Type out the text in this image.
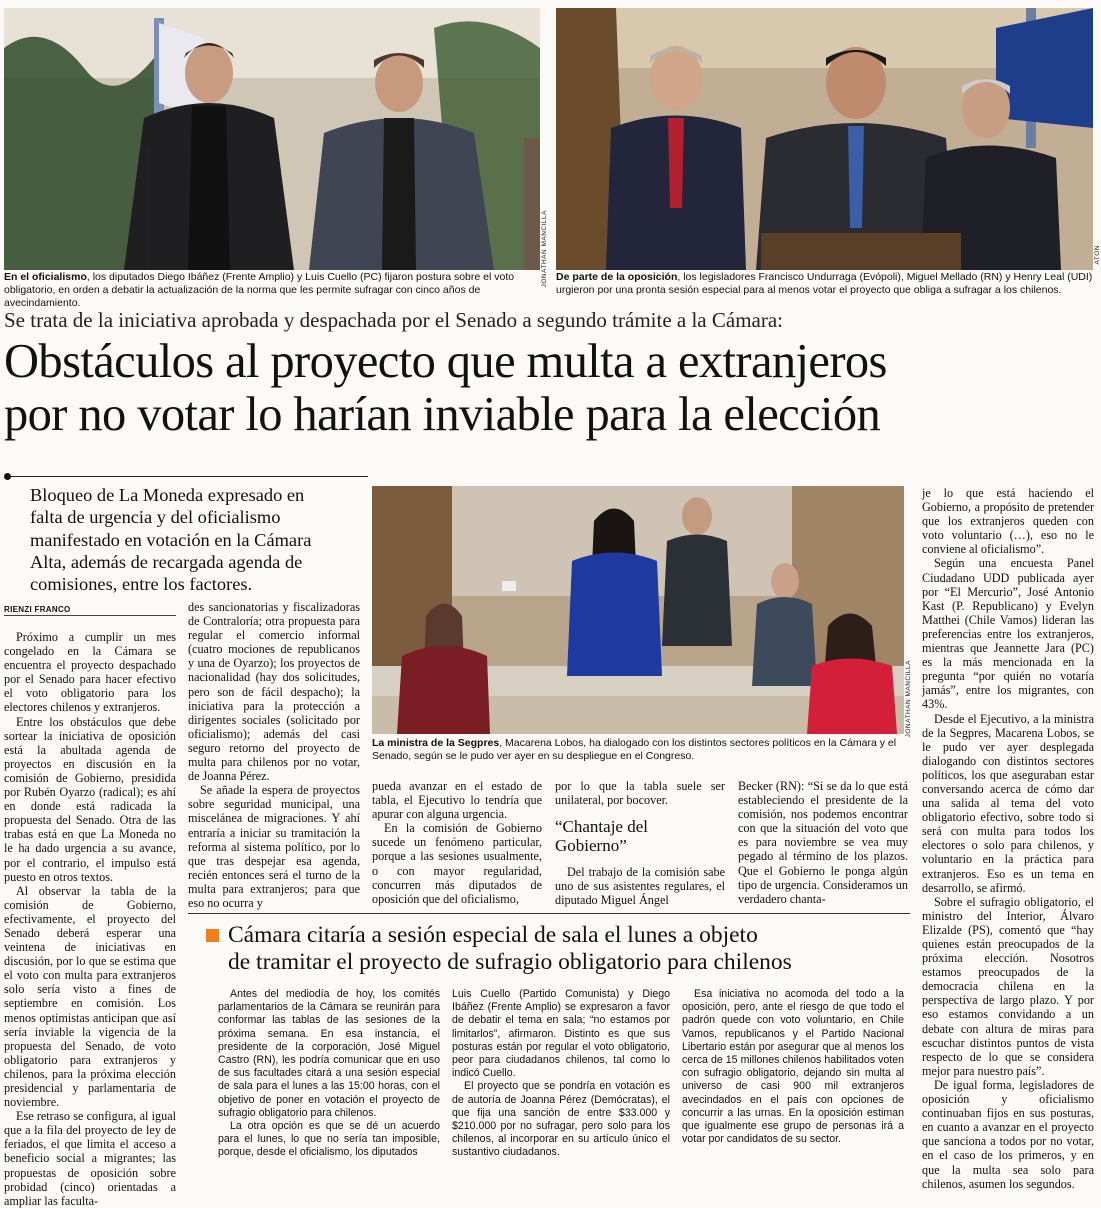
JONATHAN MANCILLA
En el oficialismo, los diputados Diego Ibáñez (Frente Amplio) y Luis Cuello (PC) fijaron postura sobre el voto obligatorio, en orden a debatir la actualización de la norma que les permite sufragar con cinco años de avecindamiento.
ATON
De parte de la oposición, los legisladores Francisco Undurraga (Evópoli), Miguel Mellado (RN) y Henry Leal (UDI) urgieron por una pronta sesión especial para al menos votar el proyecto que obliga a sufragar a los chilenos.
Se trata de la iniciativa aprobada y despachada por el Senado a segundo trámite a la Cámara:
Obstáculos al proyecto que multa a extranjeros
por no votar lo harían inviable para la elección
Bloqueo de La Moneda expresado en falta de urgencia y del oficialismo manifestado en votación en la Cámara Alta, además de recargada agenda de comisiones, entre los factores.
RIENZI FRANCO
JONATHAN MANCILLA
La ministra de la Segpres, Macarena Lobos, ha dialogado con los distintos sectores políticos en la Cámara y el Senado, según se le pudo ver ayer en su despliegue en el Congreso.

Próximo a cumplir un mes congelado en la Cámara se encuentra el proyecto despachado por el Senado para hacer efectivo el voto obligatorio para los electores chilenos y extranjeros.

Entre los obstáculos que debe sortear la iniciativa de oposición está la abultada agenda de proyectos en discusión en la comisión de Gobierno, presidida por Rubén Oyarzo (radical); es ahí en donde está radicada la propuesta del Senado. Otra de las trabas está en que La Moneda no le ha dado urgencia a su avance, por el contrario, el impulso está puesto en otros textos.

Al observar la tabla de la comisión de Gobierno, efectivamente, el proyecto del Senado deberá esperar una veintena de iniciativas en discusión, por lo que se estima que el voto con multa para extranjeros solo sería visto a fines de septiembre en comisión. Los menos optimistas anticipan que así sería inviable la vigencia de la propuesta del Senado, de voto obligatorio para extranjeros y chilenos, para la próxima elección presidencial y parlamentaria de noviembre.

Ese retraso se configura, al igual que a la fila del proyecto de ley de feriados, el que limita el acceso a beneficio social a migrantes; las propuestas de oposición sobre probidad (cinco) orientadas a ampliar las faculta-

des sancionatorias y fiscalizadoras de Contraloría; otra propuesta para regular el comercio informal (cuatro mociones de republicanos y una de Oyarzo); los proyectos de nacionalidad (hay dos solicitudes, pero son de fácil despacho); la iniciativa para la protección a dirigentes sociales (solicitado por oficialismo); además del casi seguro retorno del proyecto de multa para chilenos por no votar, de Joanna Pérez.

Se añade la espera de proyectos sobre seguridad municipal, una miscelánea de migraciones. Y ahí entraría a iniciar su tramitación la reforma al sistema político, por lo que tras despejar esa agenda, recién entonces será el turno de la multa para extranjeros; para que eso no ocurra y

pueda avanzar en el estado de tabla, el Ejecutivo lo tendría que apurar con alguna urgencia.

En la comisión de Gobierno sucede un fenómeno particular, porque a las sesiones usualmente, o con mayor regularidad, concurren más diputados de oposición que del oficialismo,

por lo que la tabla suele ser unilateral, por bocover.

“Chantaje del Gobierno”

Del trabajo de la comisión sabe uno de sus asistentes regulares, el diputado Miguel Ángel

Becker (RN): “Si se da lo que está estableciendo el presidente de la comisión, nos podemos encontrar con que la situación del voto que es para noviembre se vea muy pegado al término de los plazos. Que el Gobierno le ponga algún tipo de urgencia. Consideramos un verdadero chanta-

je lo que está haciendo el Gobierno, a propósito de pretender que los extranjeros queden con voto voluntario (…), eso no le conviene al oficialismo”.

Según una encuesta Panel Ciudadano UDD publicada ayer por “El Mercurio”, José Antonio Kast (P. Republicano) y Evelyn Matthei (Chile Vamos) lideran las preferencias entre los extranjeros, mientras que Jeannette Jara (PC) es la más mencionada en la pregunta “por quién no votaría jamás”, entre los migrantes, con 43%.

Desde el Ejecutivo, a la ministra de la Segpres, Macarena Lobos, se le pudo ver ayer desplegada dialogando con distintos sectores políticos, los que aseguraban estar conversando acerca de cómo dar una salida al tema del voto obligatorio efectivo, sobre todo si será con multa para todos los electores o solo para chilenos, y voluntario en la práctica para extranjeros. Eso es un tema en desarrollo, se afirmó.

Sobre el sufragio obligatorio, el ministro del Interior, Álvaro Elizalde (PS), comentó que “hay quienes están preocupados de la próxima elección. Nosotros estamos preocupados de la democracia chilena en la perspectiva de largo plazo. Y por eso estamos convidando a un debate con altura de miras para escuchar distintos puntos de vista respecto de lo que se considera mejor para nuestro país”.

De igual forma, legisladores de oposición y oficialismo continuaban fijos en sus posturas, en cuanto a avanzar en el proyecto que sanciona a todos por no votar, en el caso de los primeros, y en que la multa sea solo para chilenos, asumen los segundos.

Cámara citaría a sesión especial de sala el lunes a objeto
de tramitar el proyecto de sufragio obligatorio para chilenos

Antes del mediodía de hoy, los comités parlamentarios de la Cámara se reunirán para conformar las tablas de las sesiones de la próxima semana. En esa instancia, el presidente de la corporación, José Miguel Castro (RN), les podría comunicar que en uso de sus facultades citará a una sesión especial de sala para el lunes a las 15:00 horas, con el objetivo de poner en votación el proyecto de sufragio obligatorio para chilenos.

La otra opción es que se dé un acuerdo para el lunes, lo que no sería tan imposible, porque, desde el oficialismo, los diputados

Luis Cuello (Partido Comunista) y Diego Ibáñez (Frente Amplio) se expresaron a favor de debatir el tema en sala; “no estamos por limitarlos”, afirmaron. Distinto es que sus posturas están por regular el voto obligatorio, peor para ciudadanos chilenos, tal como lo indicó Cuello.

El proyecto que se pondría en votación es de autoría de Joanna Pérez (Demócratas), el que fija una sanción de entre $33.000 y $210.000 por no sufragar, pero solo para los chilenos, al incorporar en su artículo único el sustantivo ciudadanos.

Esa iniciativa no acomoda del todo a la oposición, pero, ante el riesgo de que todo el padrón quede con voto voluntario, en Chile Vamos, republicanos y el Partido Nacional Libertario están por asegurar que al menos los cerca de 15 millones chilenos habilitados voten con sufragio obligatorio, dejando sin multa al universo de casi 900 mil extranjeros avecindados en el país con opciones de concurrir a las urnas. En la oposición estiman que igualmente ese grupo de personas irá a votar por candidatos de su sector.
